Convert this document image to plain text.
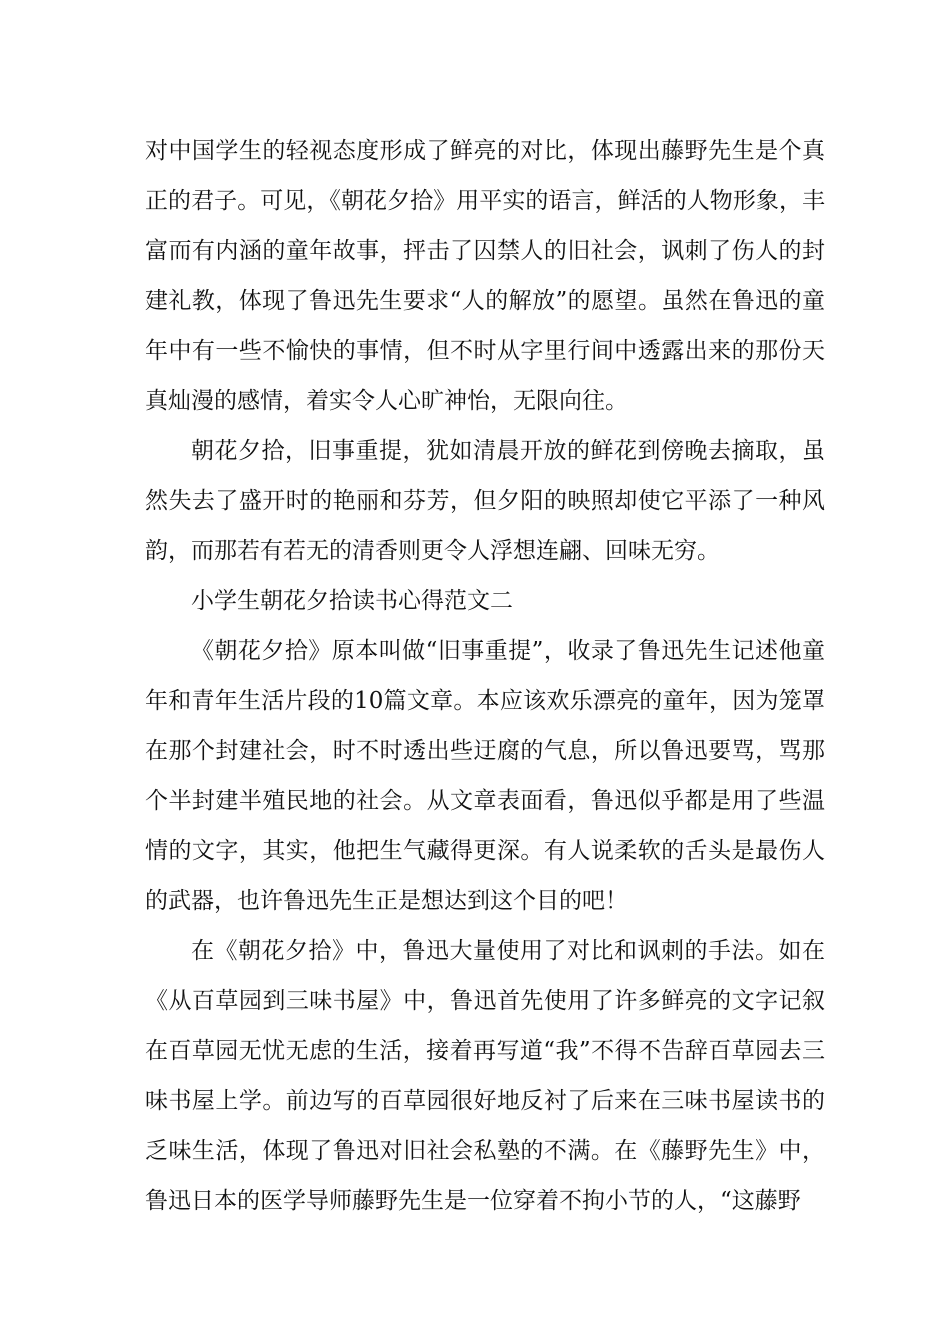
对中国学生的轻视态度形成了鲜亮的对比，体现出藤野先生是个真正的君子。可见，《朝花夕拾》用平实的语言，鲜活的人物形象，丰富而有内涵的童年故事，抨击了囚禁人的旧社会，讽刺了伤人的封建礼教，体现了鲁迅先生要求“人的解放”的愿望。虽然在鲁迅的童年中有一些不愉快的事情，但不时从字里行间中透露出来的那份天真灿漫的感情，着实令人心旷神怡，无限向往。

朝花夕拾，旧事重提，犹如清晨开放的鲜花到傍晚去摘取，虽然失去了盛开时的艳丽和芬芳，但夕阳的映照却使它平添了一种风韵，而那若有若无的清香则更令人浮想连翩、回味无穷。

小学生朝花夕拾读书心得范文二

《朝花夕拾》原本叫做“旧事重提”，收录了鲁迅先生记述他童年和青年生活片段的10篇文章。本应该欢乐漂亮的童年，因为笼罩在那个封建社会，时不时透出些迂腐的气息，所以鲁迅要骂，骂那个半封建半殖民地的社会。从文章表面看，鲁迅似乎都是用了些温情的文字，其实，他把生气藏得更深。有人说柔软的舌头是最伤人的武器，也许鲁迅先生正是想达到这个目的吧！

在《朝花夕拾》中，鲁迅大量使用了对比和讽刺的手法。如在《从百草园到三味书屋》中，鲁迅首先使用了许多鲜亮的文字记叙在百草园无忧无虑的生活，接着再写道“我”不得不告辞百草园去三味书屋上学。前边写的百草园很好地反衬了后来在三味书屋读书的乏味生活，体现了鲁迅对旧社会私塾的不满。在《藤野先生》中，鲁迅日本的医学导师藤野先生是一位穿着不拘小节的人，“这藤野
